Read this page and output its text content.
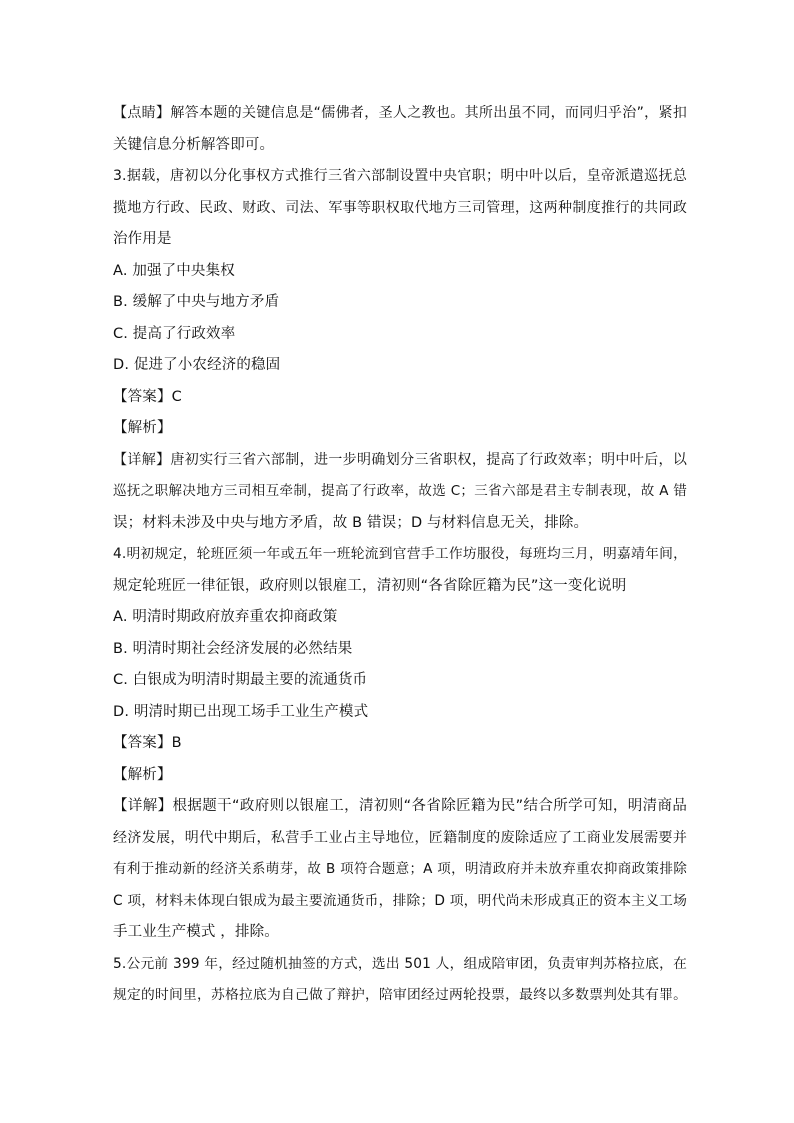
【点睛】解答本题的关键信息是“儒佛者，圣人之教也。其所出虽不同，而同归乎治”，紧扣
关键信息分析解答即可。
3.据载，唐初以分化事权方式推行三省六部制设置中央官职；明中叶以后，皇帝派遣巡抚总
揽地方行政、民政、财政、司法、军事等职权取代地方三司管理，这两种制度推行的共同政
治作用是
A. 加强了中央集权
B. 缓解了中央与地方矛盾
C. 提高了行政效率
D. 促进了小农经济的稳固
【答案】C
【解析】
【详解】唐初实行三省六部制，进一步明确划分三省职权，提高了行政效率；明中叶后，以
巡抚之职解决地方三司相互牵制，提高了行政率，故选 C；三省六部是君主专制表现，故 A 错
误；材料未涉及中央与地方矛盾，故 B 错误；D 与材料信息无关，排除。
4.明初规定，轮班匠须一年或五年一班轮流到官营手工作坊服役，每班均三月，明嘉靖年间，
规定轮班匠一律征银，政府则以银雇工，清初则“各省除匠籍为民”这一变化说明
A. 明清时期政府放弃重农抑商政策
B. 明清时期社会经济发展的必然结果
C. 白银成为明清时期最主要的流通货币
D. 明清时期已出现工场手工业生产模式
【答案】B
【解析】
【详解】根据题干“政府则以银雇工，清初则“各省除匠籍为民”结合所学可知，明清商品
经济发展，明代中期后，私营手工业占主导地位，匠籍制度的废除适应了工商业发展需要并
有利于推动新的经济关系萌芽，故 B 项符合题意；A 项，明清政府并未放弃重农抑商政策排除
C 项，材料未体现白银成为最主要流通货币，排除；D 项，明代尚未形成真正的资本主义工场
手工业生产模式 ，排除。
5.公元前 399 年，经过随机抽签的方式，选出 501 人，组成陪审团，负责审判苏格拉底，在
规定的时间里，苏格拉底为自己做了辩护，陪审团经过两轮投票，最终以多数票判处其有罪。
